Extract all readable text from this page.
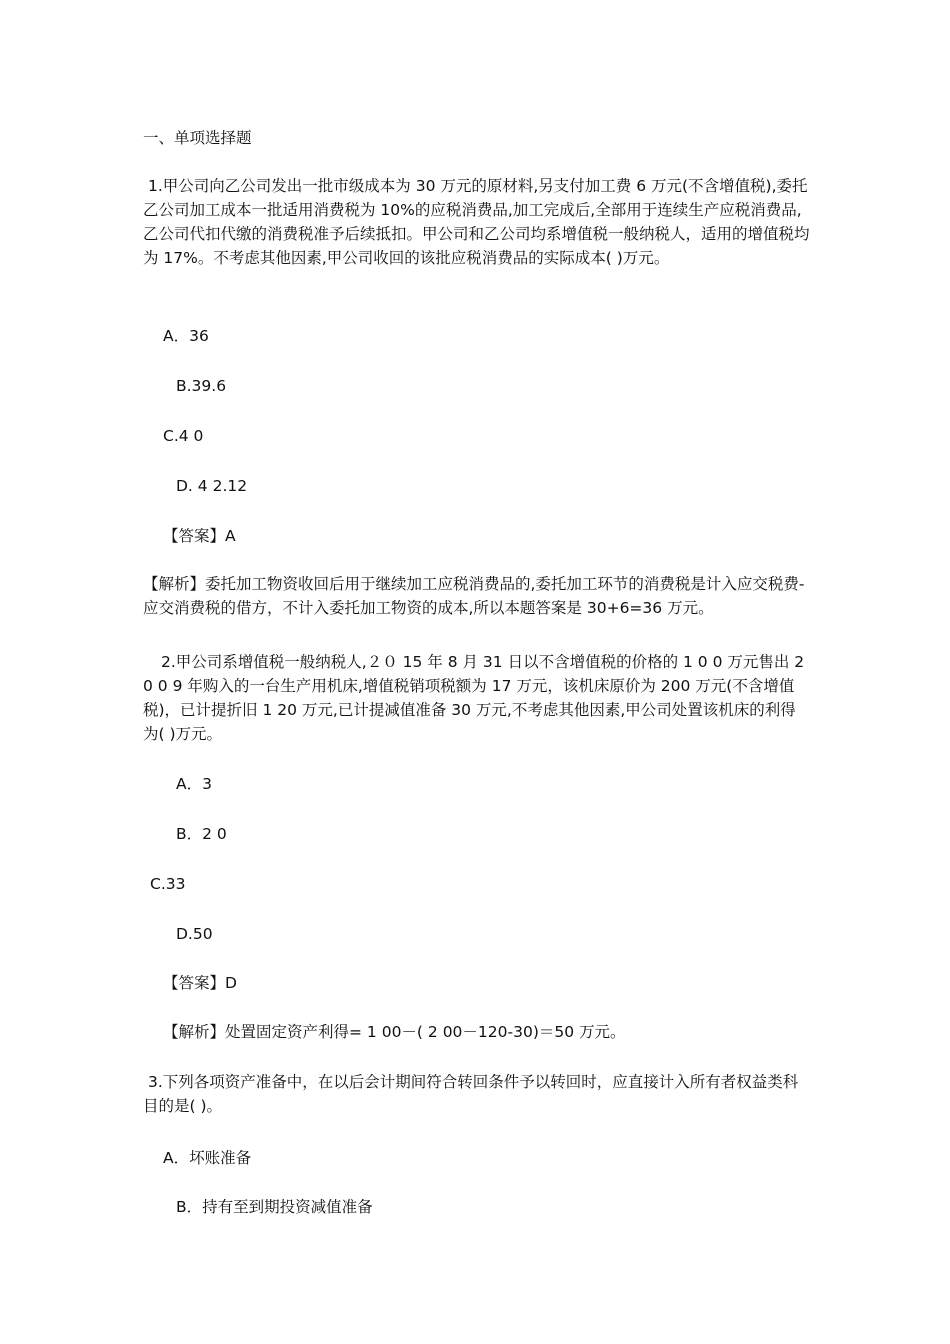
一、单项选择题
1.甲公司向乙公司发出一批市级成本为 30 万元的原材料,另支付加工费 6 万元(不含增值税),委托乙公司加工成本一批适用消费税为 10%的应税消费品,加工完成后,全部用于连续生产应税消费品,乙公司代扣代缴的消费税准予后续抵扣。甲公司和乙公司均系增值税一般纳税人，适用的增值税均为 17%。不考虑其他因素,甲公司收回的该批应税消费品的实际成本( )万元。
A．36
B.39.6
C.4 0
D. 4 2.12
【答案】A
【解析】委托加工物资收回后用于继续加工应税消费品的,委托加工环节的消费税是计入应交税费-应交消费税的借方，不计入委托加工物资的成本,所以本题答案是 30+6=36 万元。
2.甲公司系增值税一般纳税人,２０ 15 年 8 月 31 日以不含增值税的价格的 1 0 0 万元售出 2 0 0 9 年购入的一台生产用机床,增值税销项税额为 17 万元，该机床原价为 200 万元(不含增值税)，已计提折旧 1 20 万元,已计提减值准备 30 万元,不考虑其他因素,甲公司处置该机床的利得为( )万元。
A．3
B．2 0
C.33
D.50
【答案】D
【解析】处置固定资产利得= 1 00－( 2 00－120-30)＝50 万元。
3.下列各项资产准备中，在以后会计期间符合转回条件予以转回时，应直接计入所有者权益类科目的是( )。
A．坏账准备
B．持有至到期投资减值准备
